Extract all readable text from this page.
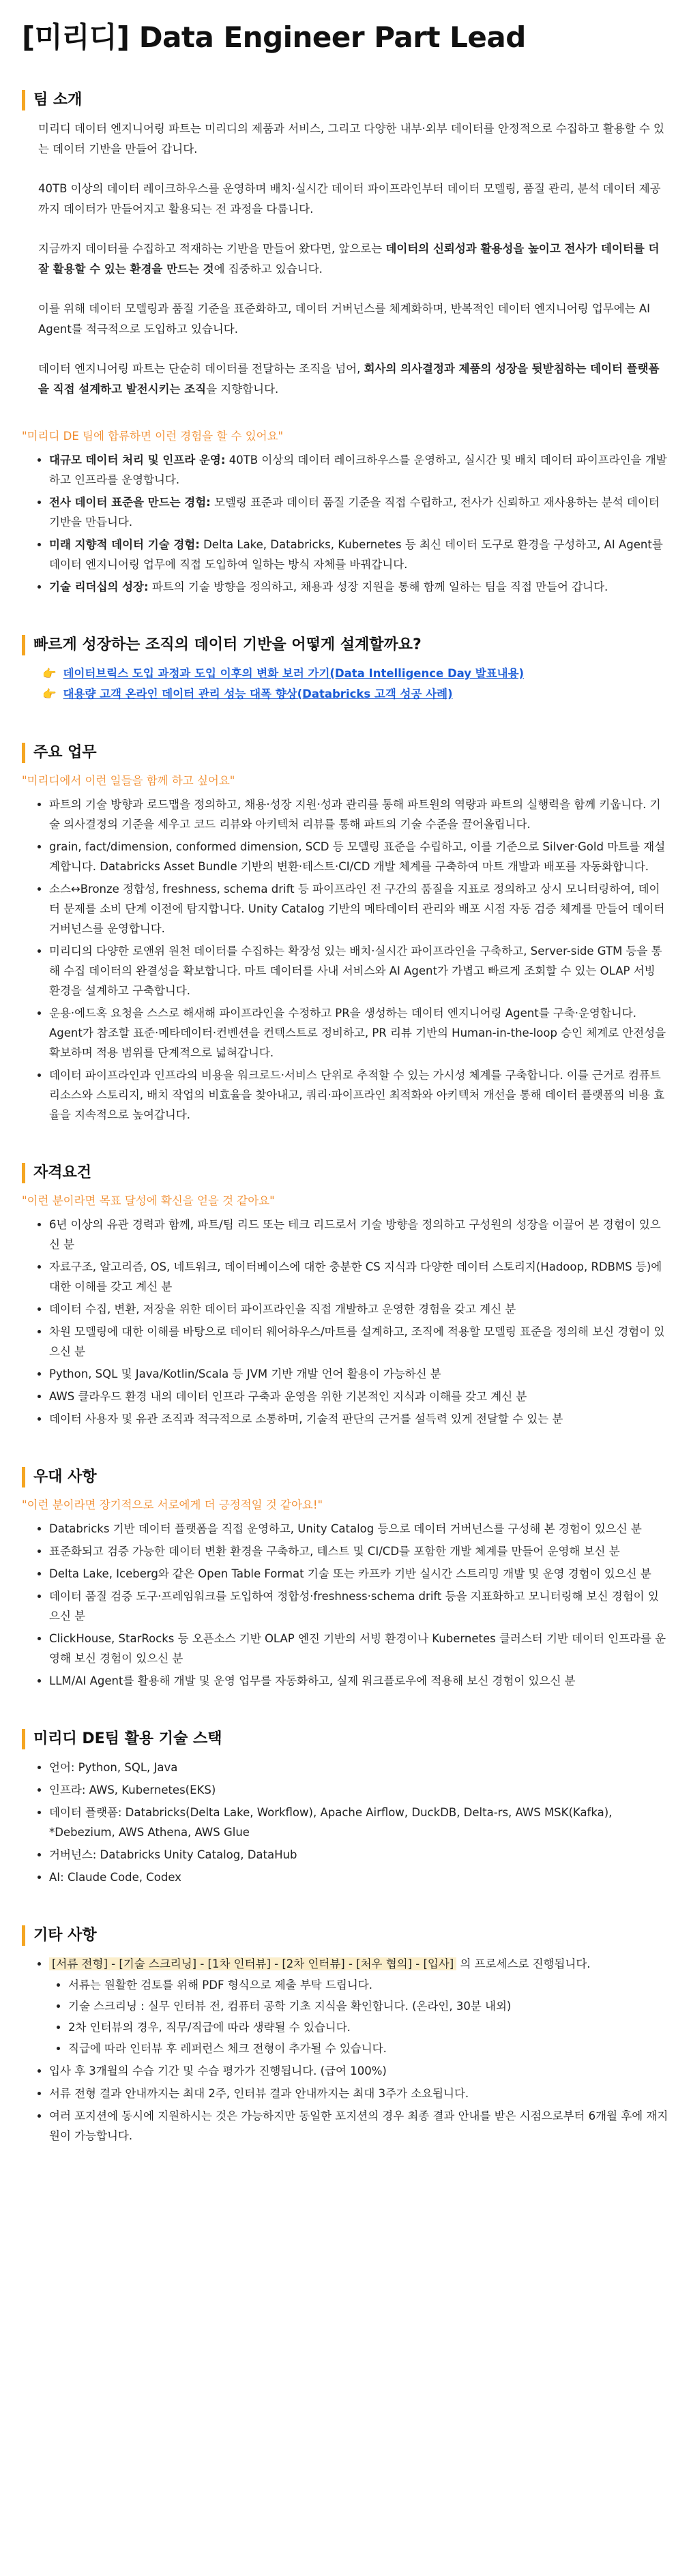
[미리디] Data Engineer Part Lead
팀 소개

미리디 데이터 엔지니어링 파트는 미리디의 제품과 서비스, 그리고 다양한 내부·외부 데이터를 안정적으로 수집하고 활용할 수 있는 데이터 기반을 만들어 갑니다.

40TB 이상의 데이터 레이크하우스를 운영하며 배치·실시간 데이터 파이프라인부터 데이터 모델링, 품질 관리, 분석 데이터 제공까지 데이터가 만들어지고 활용되는 전 과정을 다룹니다.

지금까지 데이터를 수집하고 적재하는 기반을 만들어 왔다면, 앞으로는 데이터의 신뢰성과 활용성을 높이고 전사가 데이터를 더 잘 활용할 수 있는 환경을 만드는 것에 집중하고 있습니다.

이를 위해 데이터 모델링과 품질 기준을 표준화하고, 데이터 거버넌스를 체계화하며, 반복적인 데이터 엔지니어링 업무에는 AI Agent를 적극적으로 도입하고 있습니다.

데이터 엔지니어링 파트는 단순히 데이터를 전달하는 조직을 넘어, 회사의 의사결정과 제품의 성장을 뒷받침하는 데이터 플랫폼을 직접 설계하고 발전시키는 조직을 지향합니다.

"미리디 DE 팀에 합류하면 이런 경험을 할 수 있어요"
• 대규모 데이터 처리 및 인프라 운영: 40TB 이상의 데이터 레이크하우스를 운영하고, 실시간 및 배치 데이터 파이프라인을 개발하고 인프라를 운영합니다.
• 전사 데이터 표준을 만드는 경험: 모델링 표준과 데이터 품질 기준을 직접 수립하고, 전사가 신뢰하고 재사용하는 분석 데이터 기반을 만듭니다.
• 미래 지향적 데이터 기술 경험: Delta Lake, Databricks, Kubernetes 등 최신 데이터 도구로 환경을 구성하고, AI Agent를 데이터 엔지니어링 업무에 직접 도입하여 일하는 방식 자체를 바꿔갑니다.
• 기술 리더십의 성장: 파트의 기술 방향을 정의하고, 채용과 성장 지원을 통해 함께 일하는 팀을 직접 만들어 갑니다.
빠르게 성장하는 조직의 데이터 기반을 어떻게 설계할까요?
👉 데이터브릭스 도입 과정과 도입 이후의 변화 보러 가기(Data Intelligence Day 발표내용)
👉 대용량 고객 온라인 데이터 관리 성능 대폭 향상(Databricks 고객 성공 사례)
주요 업무
"미리디에서 이런 일들을 함께 하고 싶어요"
• 파트의 기술 방향과 로드맵을 정의하고, 채용·성장 지원·성과 관리를 통해 파트원의 역량과 파트의 실행력을 함께 키웁니다. 기술 의사결정의 기준을 세우고 코드 리뷰와 아키텍처 리뷰를 통해 파트의 기술 수준을 끌어올립니다.
• grain, fact/dimension, conformed dimension, SCD 등 모델링 표준을 수립하고, 이를 기준으로 Silver·Gold 마트를 재설계합니다. Databricks Asset Bundle 기반의 변환·테스트·CI/CD 개발 체계를 구축하여 마트 개발과 배포를 자동화합니다.
• 소스↔Bronze 정합성, freshness, schema drift 등 파이프라인 전 구간의 품질을 지표로 정의하고 상시 모니터링하여, 데이터 문제를 소비 단계 이전에 탐지합니다. Unity Catalog 기반의 메타데이터 관리와 배포 시점 자동 검증 체계를 만들어 데이터 거버넌스를 운영합니다.
• 미리디의 다양한 로앤위 원천 데이터를 수집하는 확장성 있는 배치·실시간 파이프라인을 구축하고, Server-side GTM 등을 통해 수집 데이터의 완결성을 확보합니다. 마트 데이터를 사내 서비스와 AI Agent가 가볍고 빠르게 조회할 수 있는 OLAP 서빙 환경을 설계하고 구축합니다.
• 운용·에드혹 요청을 스스로 해새해 파이프라인을 수정하고 PR을 생성하는 데이터 엔지니어링 Agent를 구축·운영합니다. Agent가 참조할 표준·메타데이터·컨벤션을 컨텍스트로 정비하고, PR 리뷰 기반의 Human-in-the-loop 승인 체계로 안전성을 확보하며 적용 범위를 단계적으로 넓혀갑니다.
• 데이터 파이프라인과 인프라의 비용을 워크로드·서비스 단위로 추적할 수 있는 가시성 체계를 구축합니다. 이를 근거로 컴퓨트 리소스와 스토리지, 배치 작업의 비효율을 찾아내고, 쿼리·파이프라인 최적화와 아키텍처 개선을 통해 데이터 플랫폼의 비용 효율을 지속적으로 높여갑니다.
자격요건
"이런 분이라면 목표 달성에 확신을 얻을 것 같아요"
• 6년 이상의 유관 경력과 함께, 파트/팀 리드 또는 테크 리드로서 기술 방향을 정의하고 구성원의 성장을 이끌어 본 경험이 있으신 분
• 자료구조, 알고리즘, OS, 네트워크, 데이터베이스에 대한 충분한 CS 지식과 다양한 데이터 스토리지(Hadoop, RDBMS 등)에 대한 이해를 갖고 계신 분
• 데이터 수집, 변환, 저장을 위한 데이터 파이프라인을 직접 개발하고 운영한 경험을 갖고 계신 분
• 차원 모델링에 대한 이해를 바탕으로 데이터 웨어하우스/마트를 설계하고, 조직에 적용할 모델링 표준을 정의해 보신 경험이 있으신 분
• Python, SQL 및 Java/Kotlin/Scala 등 JVM 기반 개발 언어 활용이 가능하신 분
• AWS 클라우드 환경 내의 데이터 인프라 구축과 운영을 위한 기본적인 지식과 이해를 갖고 계신 분
• 데이터 사용자 및 유관 조직과 적극적으로 소통하며, 기술적 판단의 근거를 설득력 있게 전달할 수 있는 분
우대 사항
"이런 분이라면 장기적으로 서로에게 더 긍정적일 것 같아요!"
• Databricks 기반 데이터 플랫폼을 직접 운영하고, Unity Catalog 등으로 데이터 거버넌스를 구성해 본 경험이 있으신 분
• 표준화되고 검증 가능한 데이터 변환 환경을 구축하고, 테스트 및 CI/CD를 포함한 개발 체계를 만들어 운영해 보신 분
• Delta Lake, Iceberg와 같은 Open Table Format 기술 또는 카프카 기반 실시간 스트리밍 개발 및 운영 경험이 있으신 분
• 데이터 품질 검증 도구·프레임워크를 도입하여 정합성·freshness·schema drift 등을 지표화하고 모니터링해 보신 경험이 있으신 분
• ClickHouse, StarRocks 등 오픈소스 기반 OLAP 엔진 기반의 서빙 환경이나 Kubernetes 클러스터 기반 데이터 인프라를 운영해 보신 경험이 있으신 분
• LLM/AI Agent를 활용해 개발 및 운영 업무를 자동화하고, 실제 워크플로우에 적용해 보신 경험이 있으신 분
미리디 DE팀 활용 기술 스택
• 언어: Python, SQL, Java
• 인프라: AWS, Kubernetes(EKS)
• 데이터 플랫폼: Databricks(Delta Lake, Workflow), Apache Airflow, DuckDB, Delta-rs, AWS MSK(Kafka), *Debezium, AWS Athena, AWS Glue
• 거버넌스: Databricks Unity Catalog, DataHub
• AI: Claude Code, Codex
기타 사항
• [서류 전형] - [기술 스크리닝] - [1차 인터뷰] - [2차 인터뷰] - [처우 협의] - [입사] 의 프로세스로 진행됩니다.
• 서류는 원활한 검토를 위해 PDF 형식으로 제출 부탁 드립니다.
• 기술 스크리닝 : 실무 인터뷰 전, 컴퓨터 공학 기초 지식을 확인합니다. (온라인, 30분 내외)
• 2차 인터뷰의 경우, 직무/직급에 따라 생략될 수 있습니다.
• 직급에 따라 인터뷰 후 레퍼런스 체크 전형이 추가될 수 있습니다.
• 입사 후 3개월의 수습 기간 및 수습 평가가 진행됩니다. (급여 100%)
• 서류 전형 결과 안내까지는 최대 2주, 인터뷰 결과 안내까지는 최대 3주가 소요됩니다.
• 여러 포지션에 동시에 지원하시는 것은 가능하지만 동일한 포지션의 경우 최종 결과 안내를 받은 시점으로부터 6개월 후에 재지원이 가능합니다.
